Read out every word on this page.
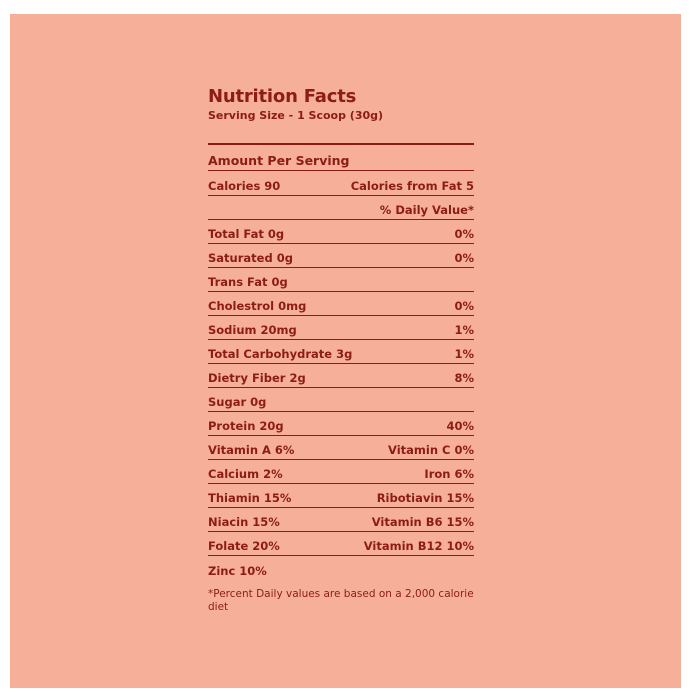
Nutrition Facts
Serving Size - 1 Scoop (30g)
Amount Per Serving
Calories 90	Calories from Fat 5
% Daily Value*
Total Fat 0g	0%
Saturated 0g	0%
Trans Fat 0g
Cholestrol 0mg	0%
Sodium 20mg	1%
Total Carbohydrate 3g	1%
Dietry Fiber 2g	8%
Sugar 0g
Protein 20g	40%
Vitamin A 6%	Vitamin C 0%
Calcium 2%	Iron 6%
Thiamin 15%	Ribotiavin 15%
Niacin 15%	Vitamin B6 15%
Folate 20%	Vitamin B12 10%
Zinc 10%
*Percent Daily values are based on a 2,000 calorie diet
